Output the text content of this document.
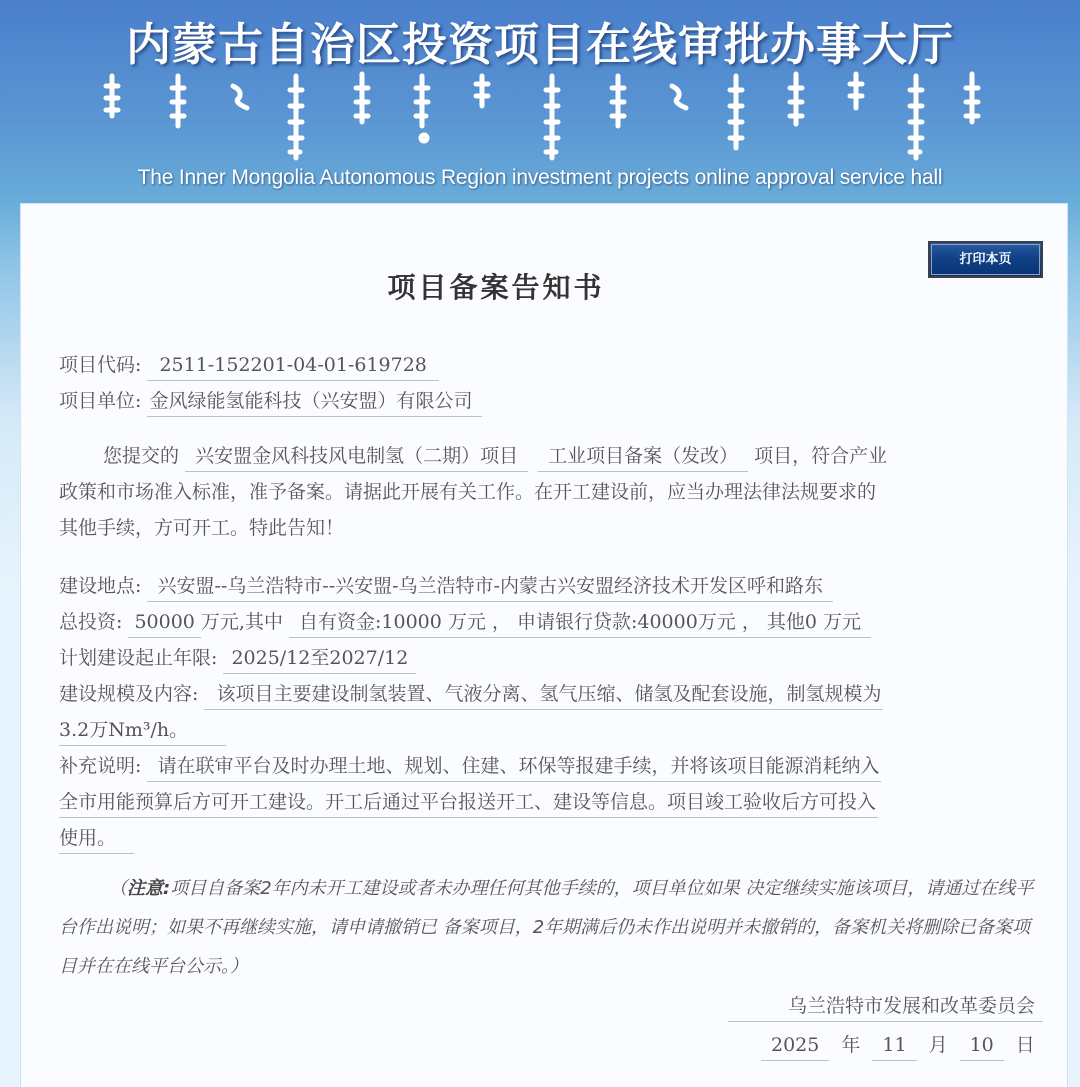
内蒙古自治区投资项目在线审批办事大厅
The Inner Mongolia Autonomous Region investment projects online approval service hall
打印本页
项目备案告知书
项目代码: 2511-152201-04-01-619728
项目单位: 金风绿能氢能科技（兴安盟）有限公司
您提交的 兴安盟金风科技风电制氢（二期）项目 工业项目备案（发改） 项目，符合产业
政策和市场准入标准，准予备案。请据此开展有关工作。在开工建设前，应当办理法律法规要求的
其他手续，方可开工。特此告知！
建设地点: 兴安盟--乌兰浩特市--兴安盟-乌兰浩特市-内蒙古兴安盟经济技术开发区呼和路东
总投资: 50000 万元,其中 自有资金:10000 万元 ， 申请银行贷款:40000万元 ， 其他0 万元
计划建设起止年限: 2025/12至2027/12
建设规模及内容: 该项目主要建设制氢装置、气液分离、氢气压缩、储氢及配套设施，制氢规模为
3.2万Nm³/h。
补充说明: 请在联审平台及时办理土地、规划、住建、环保等报建手续，并将该项目能源消耗纳入
全市用能预算后方可开工建设。开工后通过平台报送开工、建设等信息。项目竣工验收后方可投入
使用。
（注意:项目自备案2年内未开工建设或者未办理任何其他手续的，项目单位如果 决定继续实施该项目，请通过在线平台作出说明；如果不再继续实施，请申请撤销已 备案项目，2年期满后仍未作出说明并未撤销的，备案机关将删除已备案项目并在在线平台公示。）
乌兰浩特市发展和改革委员会
2025 年 11 月 10 日
